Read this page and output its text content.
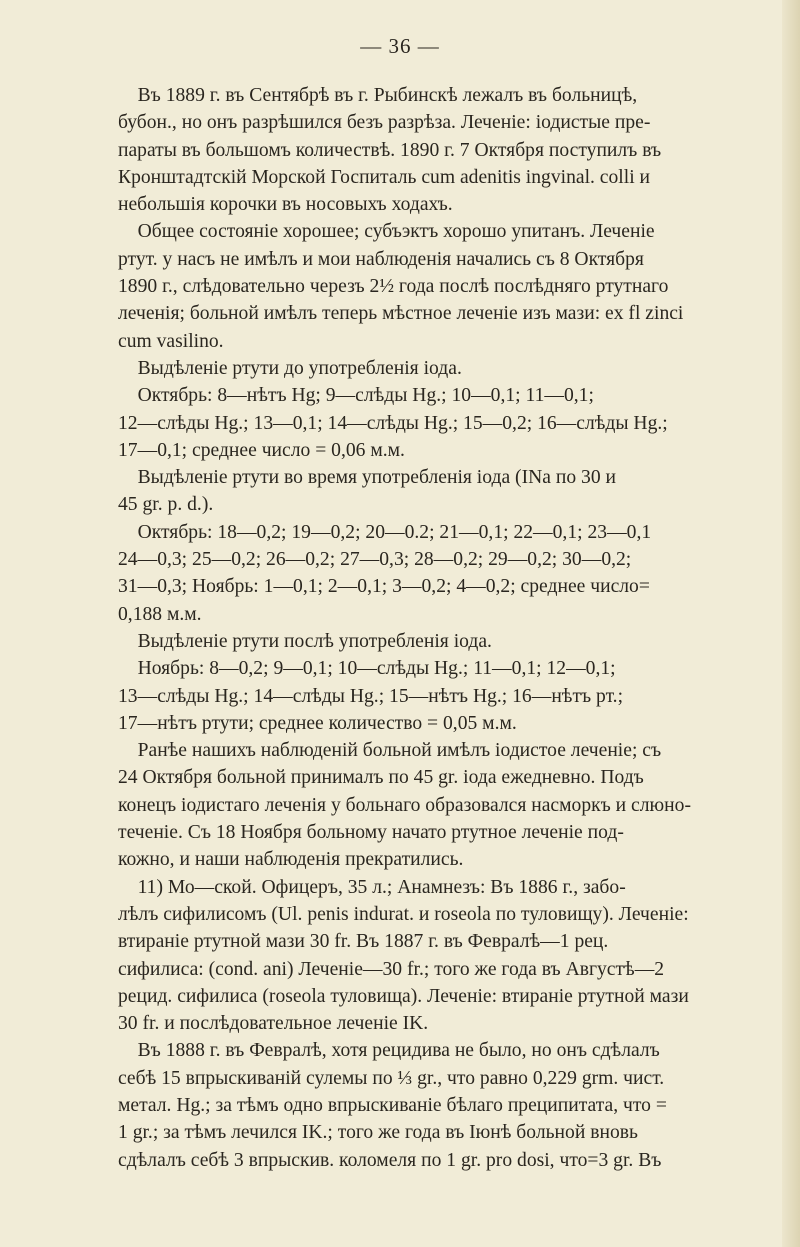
— 36 —
Въ 1889 г. въ Сентябрѣ въ г. Рыбинскѣ лежалъ въ больницѣ,
бубон., но онъ разрѣшился безъ разрѣза. Леченіе: іодистые пре-
параты въ большомъ количествѣ. 1890 г. 7 Октября поступилъ въ
Кронштадтскій Морской Госпиталь сum adenitis ingvinal. colli и
небольшія корочки въ носовыхъ ходахъ.
Общее состояніе хорошее; субъэктъ хорошо упитанъ. Леченіе
ртут. у насъ не имѣлъ и мои наблюденія начались съ 8 Октября
1890 г., слѣдовательно черезъ 2½ года послѣ послѣдняго ртутнаго
леченія; больной имѣлъ теперь мѣстное леченіе изъ мази: ex fl zinci
cum vasilino.
Выдѣленіе ртути до употребленія іода.
Октябрь: 8—нѣтъ Hg; 9—слѣды Hg.; 10—0,1; 11—0,1;
12—слѣды Hg.; 13—0,1; 14—слѣды Hg.; 15—0,2; 16—слѣды Hg.;
17—0,1; среднее число = 0,06 м.м.
Выдѣленіе ртути во время употребленія іода (INa по 30 и
45 gr. p. d.).
Октябрь: 18—0,2; 19—0,2; 20—0.2; 21—0,1; 22—0,1; 23—0,1
24—0,3; 25—0,2; 26—0,2; 27—0,3; 28—0,2; 29—0,2; 30—0,2;
31—0,3; Ноябрь: 1—0,1; 2—0,1; 3—0,2; 4—0,2; среднее число=
0,188 м.м.
Выдѣленіе ртути послѣ употребленія іода.
Ноябрь: 8—0,2; 9—0,1; 10—слѣды Hg.; 11—0,1; 12—0,1;
13—слѣды Hg.; 14—слѣды Hg.; 15—нѣтъ Hg.; 16—нѣтъ рт.;
17—нѣтъ ртути; среднее количество = 0,05 м.м.
Ранѣе нашихъ наблюденій больной имѣлъ іодистое леченіе; съ
24 Октября больной принималъ по 45 gr. іода ежедневно. Подъ
конецъ іодистаго леченія у больнаго образовался насморкъ и слюно-
теченіе. Съ 18 Ноября больному начато ртутное леченіе под-
кожно, и наши наблюденія прекратились.
11) Мо—ской. Офицеръ, 35 л.; Анамнезъ: Въ 1886 г., забо-
лѣлъ сифилисомъ (Ul. penis indurat. и roseola по туловищу). Леченіе:
втираніе ртутной мази 30 fr. Въ 1887 г. въ Февралѣ—1 рец.
сифилиса: (cond. ani) Леченіе—30 fr.; того же года въ Августѣ—2
рецид. сифилиса (roseola туловища). Леченіе: втираніе ртутной мази
30 fr. и послѣдовательное леченіе IK.
Въ 1888 г. въ Февралѣ, хотя рецидива не было, но онъ сдѣлалъ
себѣ 15 впрыскиваній сулемы по ⅓ gr., что равно 0,229 grm. чист.
метал. Hg.; за тѣмъ одно впрыскиваніе бѣлаго преципитата, что =
1 gr.; за тѣмъ лечился IK.; того же года въ Іюнѣ больной вновь
сдѣлалъ себѣ 3 впрыскив. коломеля по 1 gr. pro dosi, что=3 gr. Въ
